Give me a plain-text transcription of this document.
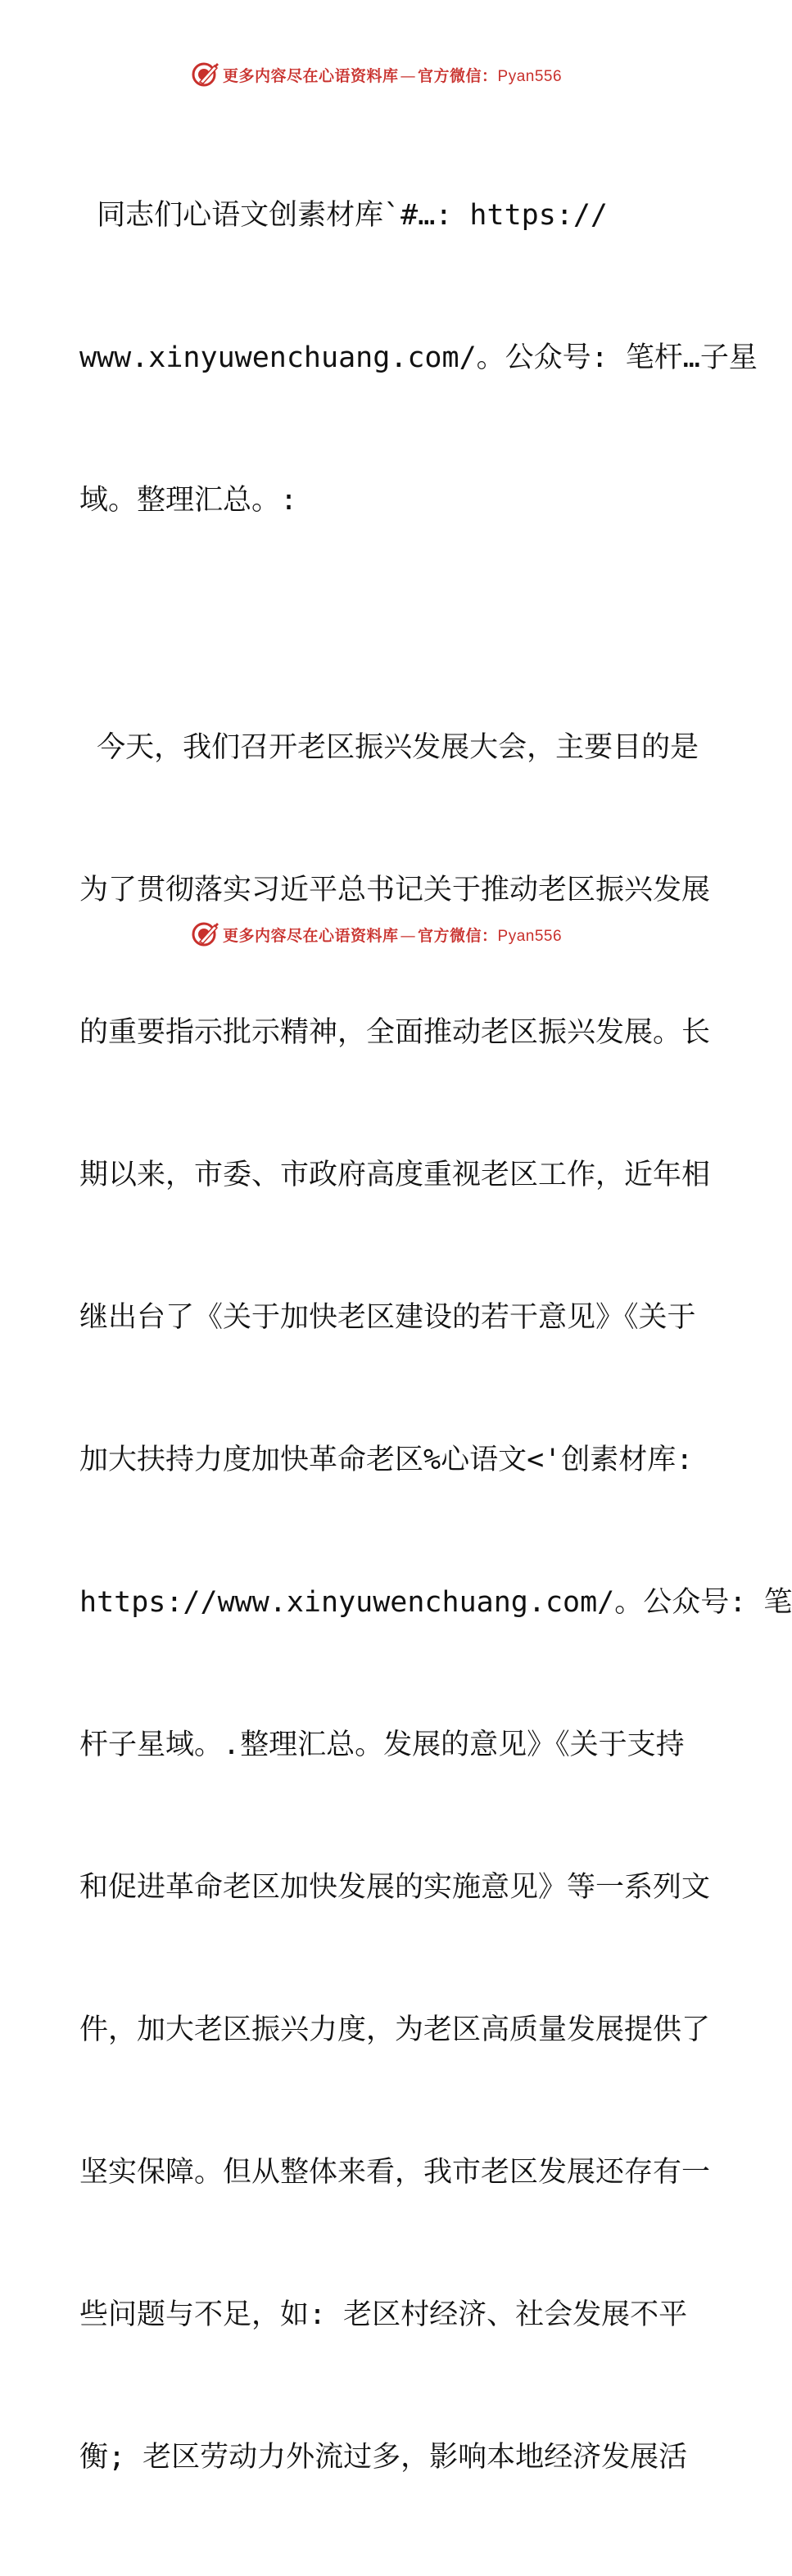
更多内容尽在心语资料库 — 官方微信：Pyan556

同志们心语文创素材库`#…: https://

www.xinyuwenchuang.com/。公众号: 笔杆…子星

域。整理汇总。:

今天，我们召开老区振兴发展大会，主要目的是

为了贯彻落实习近平总书记关于推动老区振兴发展

的重要指示批示精神，全面推动老区振兴发展。长

期以来，市委、市政府高度重视老区工作，近年相

继出台了《关于加快老区建设的若干意见》《关于

加大扶持力度加快革命老区%心语文<'创素材库:

https://www.xinyuwenchuang.com/。公众号: 笔

杆子星域。.整理汇总。发展的意见》《关于支持

和促进革命老区加快发展的实施意见》等一系列文

件，加大老区振兴力度，为老区高质量发展提供了

坚实保障。但从整体来看，我市老区发展还存有一

些问题与不足，如: 老区村经济、社会发展不平

衡; 老区劳动力外流过多，影响本地经济发展活

更多内容尽在心语资料库 — 官方微信：Pyan556
